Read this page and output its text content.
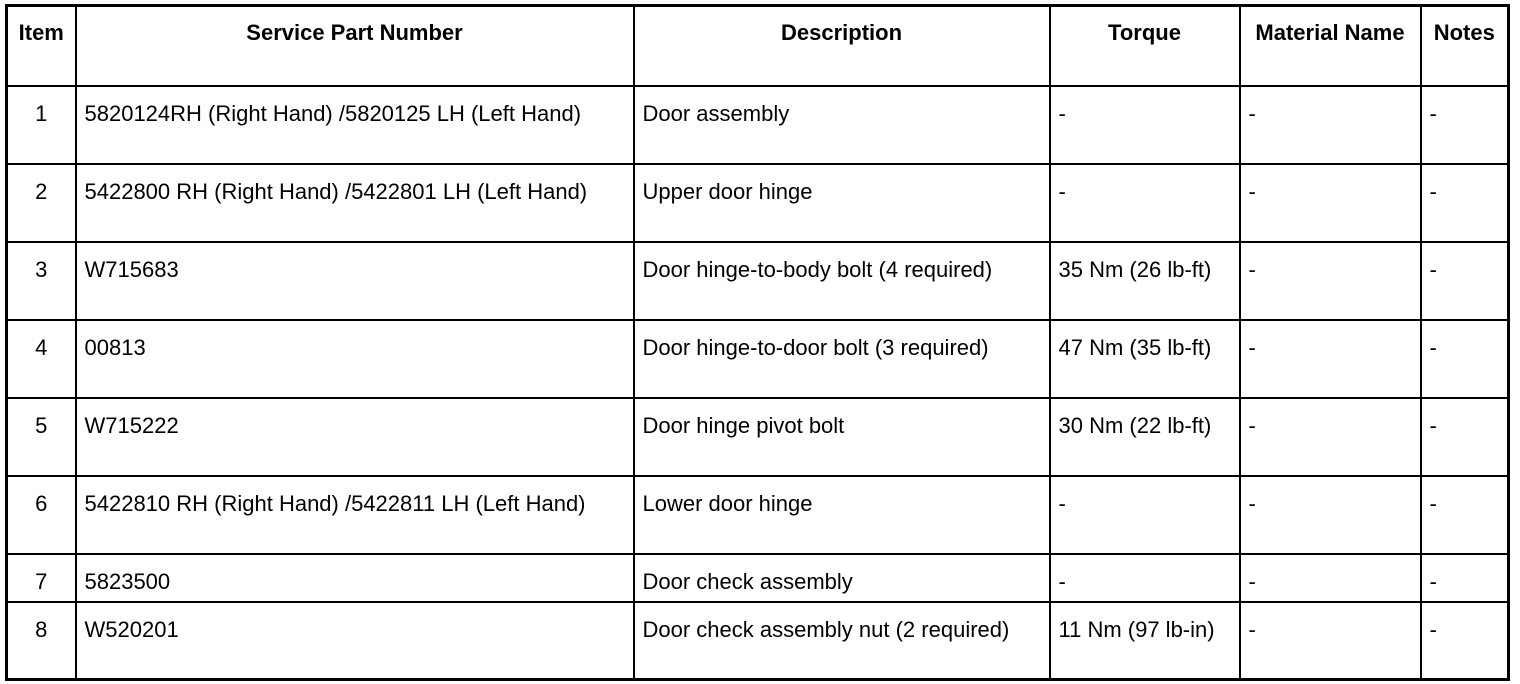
Item	Service Part Number	Description	Torque	Material Name	Notes
1	5820124RH (Right Hand) /5820125 LH (Left Hand)	Door assembly	-	-	-
2	5422800 RH (Right Hand) /5422801 LH (Left Hand)	Upper door hinge	-	-	-
3	W715683	Door hinge-to-body bolt (4 required)	35 Nm (26 lb-ft)	-	-
4	00813	Door hinge-to-door bolt (3 required)	47 Nm (35 lb-ft)	-	-
5	W715222	Door hinge pivot bolt	30 Nm (22 lb-ft)	-	-
6	5422810 RH (Right Hand) /5422811 LH (Left Hand)	Lower door hinge	-	-	-
7	5823500	Door check assembly	-	-	-
8	W520201	Door check assembly nut (2 required)	11 Nm (97 lb-in)	-	-
